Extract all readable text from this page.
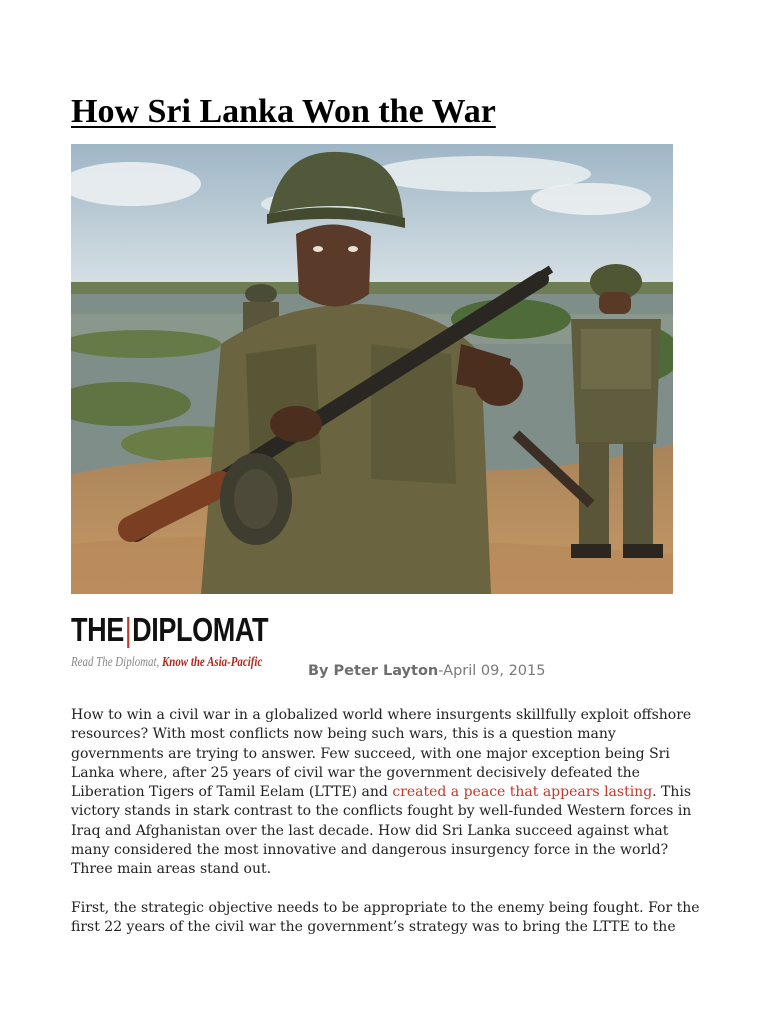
How Sri Lanka Won the War
THE|DIPLOMAT
Read The Diplomat, Know the Asia-Pacific
By Peter Layton-April 09, 2015

How to win a civil war in a globalized world where insurgents skillfully exploit offshore resources? With most conflicts now being such wars, this is a question many governments are trying to answer. Few succeed, with one major exception being Sri Lanka where, after 25 years of civil war the government decisively defeated the Liberation Tigers of Tamil Eelam (LTTE) and created a peace that appears lasting. This victory stands in stark contrast to the conflicts fought by well-funded Western forces in Iraq and Afghanistan over the last decade. How did Sri Lanka succeed against what many considered the most innovative and dangerous insurgency force in the world? Three main areas stand out.

First, the strategic objective needs to be appropriate to the enemy being fought. For the first 22 years of the civil war the government’s strategy was to bring the LTTE to the
